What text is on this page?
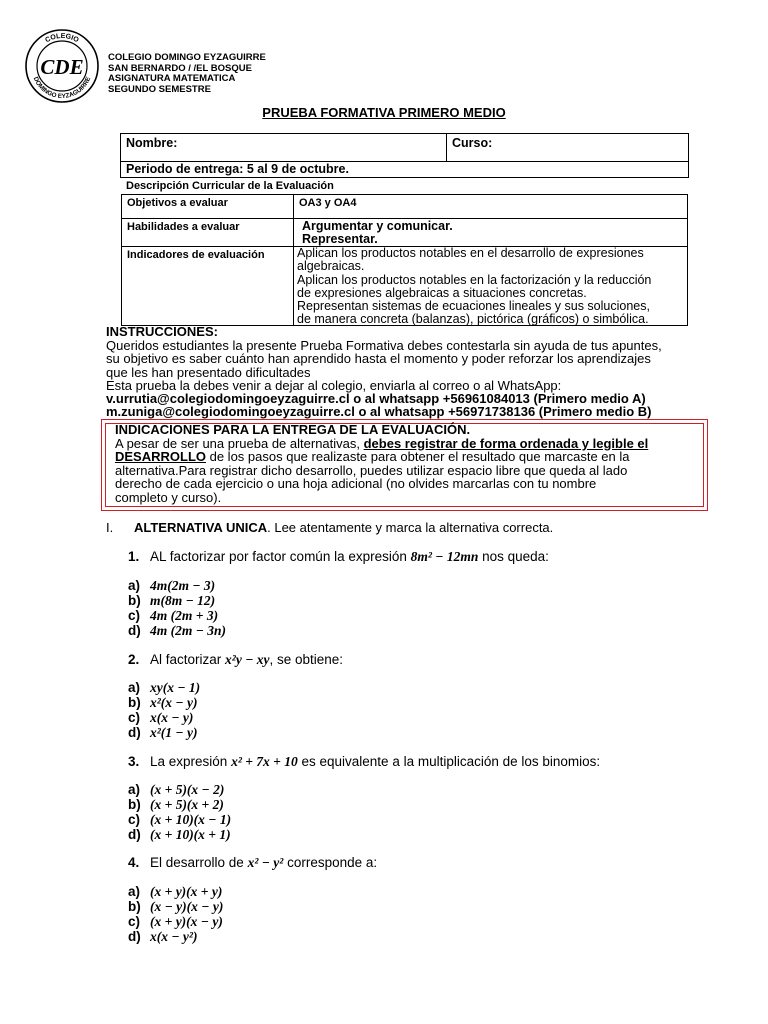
COLEGIO
DOMINGO EYZAGUIRRE
CDE	COLEGIO DOMINGO EYZAGUIRRE
SAN BERNARDO / /EL BOSQUE
ASIGNATURA MATEMATICA
SEGUNDO SEMESTRE
PRUEBA FORMATIVA PRIMERO MEDIO
Nombre:	Curso:
Periodo de entrega: 5 al 9 de octubre.
Descripción Curricular de la Evaluación
Objetivos a evaluar	OA3 y OA4
Habilidades a evaluar	Argumentar y comunicar.
Representar.
Indicadores de evaluación	Aplican los productos notables en el desarrollo de expresiones
algebraicas.
Aplican los productos notables en la factorización y la reducción
de expresiones algebraicas a situaciones concretas.
Representan sistemas de ecuaciones lineales y sus soluciones,
de manera concreta (balanzas), pictórica (gráficos) o simbólica.
INSTRUCCIONES:
Queridos estudiantes la presente Prueba Formativa debes contestarla sin ayuda de tus apuntes,
su objetivo es saber cuánto han aprendido hasta el momento y poder reforzar los aprendizajes
que les han presentado dificultades
Esta prueba la debes venir a dejar al colegio, enviarla al correo o al WhatsApp:
v.urrutia@colegiodomingoeyzaguirre.cl o al whatsapp +56961084013 (Primero medio A)
m.zuniga@colegiodomingoeyzaguirre.cl o al whatsapp +56971738136 (Primero medio B)
INDICACIONES PARA LA ENTREGA DE LA EVALUACIÓN.
A pesar de ser una prueba de alternativas, debes registrar de forma ordenada y legible el
DESARROLLO de los pasos que realizaste para obtener el resultado que marcaste en la
alternativa.Para registrar dicho desarrollo, puedes utilizar espacio libre que queda al lado
derecho de cada ejercicio o una hoja adicional (no olvides marcarlas con tu nombre
completo y curso).
I. ALTERNATIVA UNICA. Lee atentamente y marca la alternativa correcta.
1. AL factorizar por factor común la expresión 8m² − 12mn nos queda:
a) 4m(2m − 3)
b) m(8m − 12)
c) 4m (2m + 3)
d) 4m (2m − 3n)
2. Al factorizar x²y − xy, se obtiene:
a) xy(x − 1)
b) x²(x − y)
c) x(x − y)
d) x²(1 − y)
3. La expresión x² + 7x + 10 es equivalente a la multiplicación de los binomios:
a) (x + 5)(x − 2)
b) (x + 5)(x + 2)
c) (x + 10)(x − 1)
d) (x + 10)(x + 1)
4. El desarrollo de x² − y² corresponde a:
a) (x + y)(x + y)
b) (x − y)(x − y)
c) (x + y)(x − y)
d) x(x − y²)
